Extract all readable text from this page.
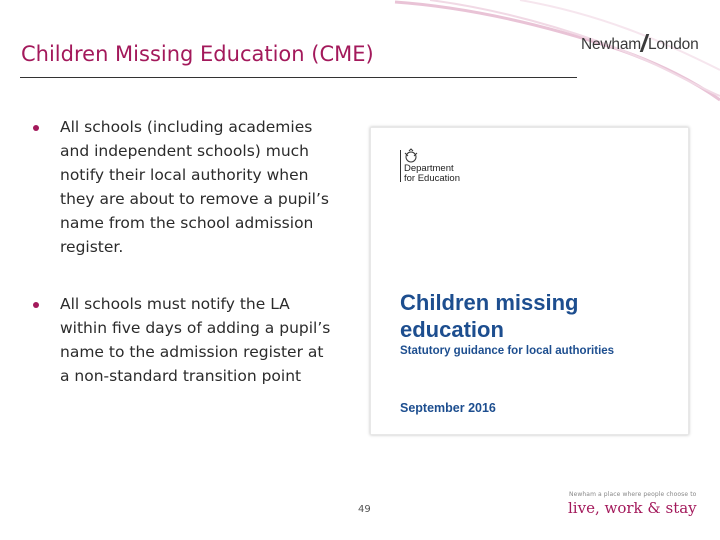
Children Missing Education (CME)	Newham London
All schools (including academies and independent schools) much notify their local authority when they are about to remove a pupil’s name from the school admission register.
All schools must notify the LA within five days of adding a pupil’s name to the admission register at a non-standard transition point
Department
for Education
Children missing education
Statutory guidance for local authorities
September 2016
49
Newham a place where people choose to
live, work & stay
